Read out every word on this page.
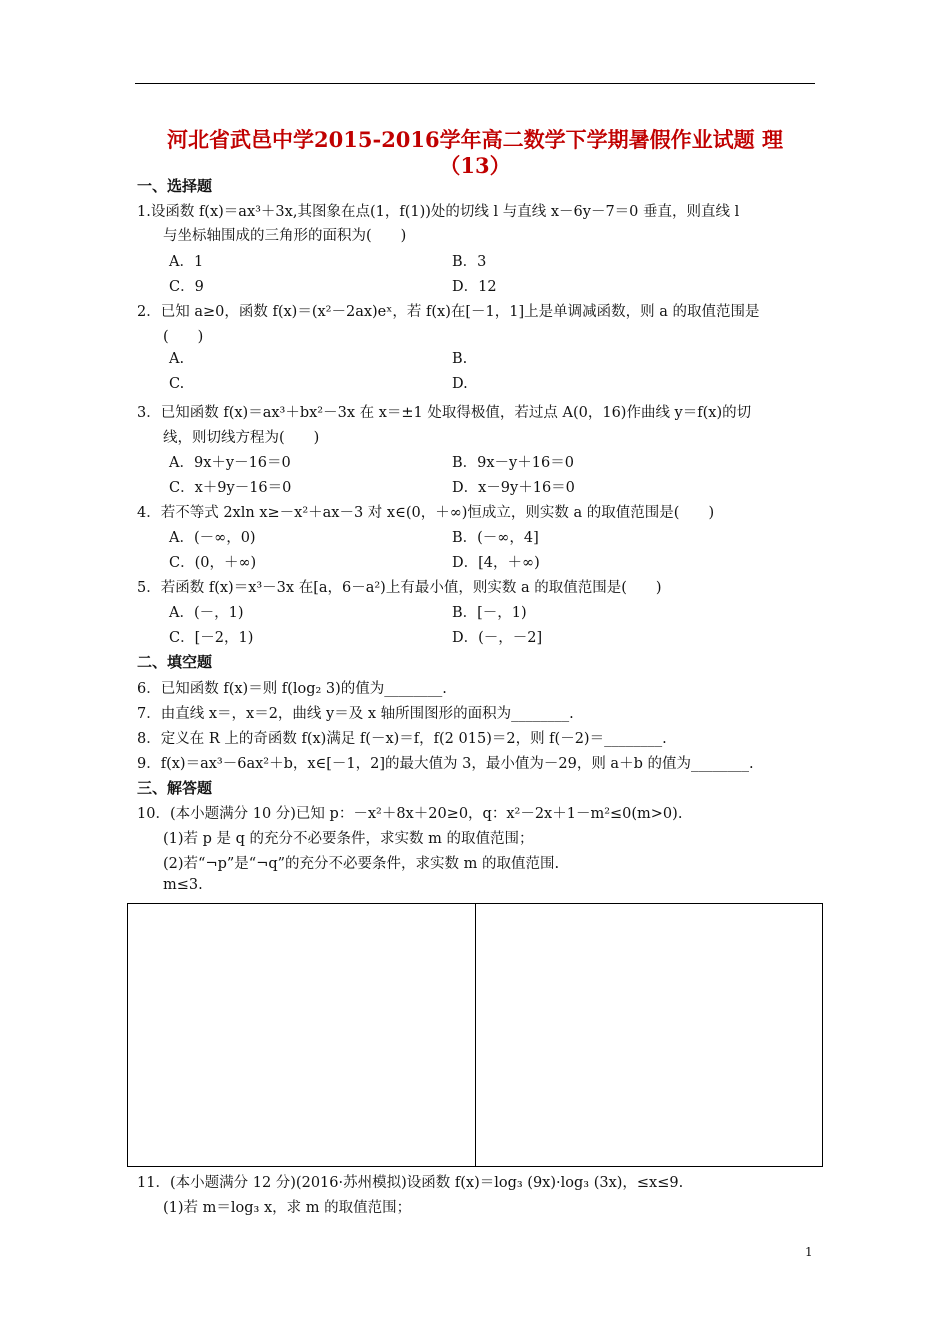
河北省武邑中学2015-2016学年高二数学下学期暑假作业试题 理
（13）
一、选择题
1.设函数 f(x)＝ax³＋3x,其图象在点(1，f(1))处的切线 l 与直线 x－6y－7＝0 垂直，则直线 l
与坐标轴围成的三角形的面积为(　　)
A．1	B．3
C．9	D．12
2．已知 a≥0，函数 f(x)＝(x²－2ax)eˣ，若 f(x)在[－1，1]上是单调减函数，则 a 的取值范围是
(　　)
A.	B.
C.	D.
3．已知函数 f(x)＝ax³＋bx²－3x 在 x＝±1 处取得极值，若过点 A(0，16)作曲线 y＝f(x)的切
线，则切线方程为(　　)
A．9x＋y－16＝0	B．9x－y＋16＝0
C．x＋9y－16＝0	D．x－9y＋16＝0
4．若不等式 2xln x≥－x²＋ax－3 对 x∈(0，＋∞)恒成立，则实数 a 的取值范围是(　　)
A．(－∞，0)	B．(－∞，4]
C．(0，＋∞)	D．[4，＋∞)
5．若函数 f(x)＝x³－3x 在[a，6－a²)上有最小值，则实数 a 的取值范围是(　　)
A．(－，1)	B．[－，1)
C．[－2，1)	D．(－，－2]
二、填空题
6．已知函数 f(x)＝则 f(log₂ 3)的值为________.
7．由直线 x＝，x＝2，曲线 y＝及 x 轴所围图形的面积为________.
8．定义在 R 上的奇函数 f(x)满足 f(－x)＝f，f(2 015)＝2，则 f(－2)＝________.
9．f(x)＝ax³－6ax²＋b，x∈[－1，2]的最大值为 3，最小值为－29，则 a＋b 的值为________.
三、解答题
10．(本小题满分 10 分)已知 p：－x²＋8x＋20≥0，q：x²－2x＋1－m²≤0(m>0).
(1)若 p 是 q 的充分不必要条件，求实数 m 的取值范围；
(2)若“¬p”是“¬q”的充分不必要条件，求实数 m 的取值范围.
m≤3.
11．(本小题满分 12 分)(2016·苏州模拟)设函数 f(x)＝log₃ (9x)·log₃ (3x)，≤x≤9.
(1)若 m＝log₃ x，求 m 的取值范围；
1
